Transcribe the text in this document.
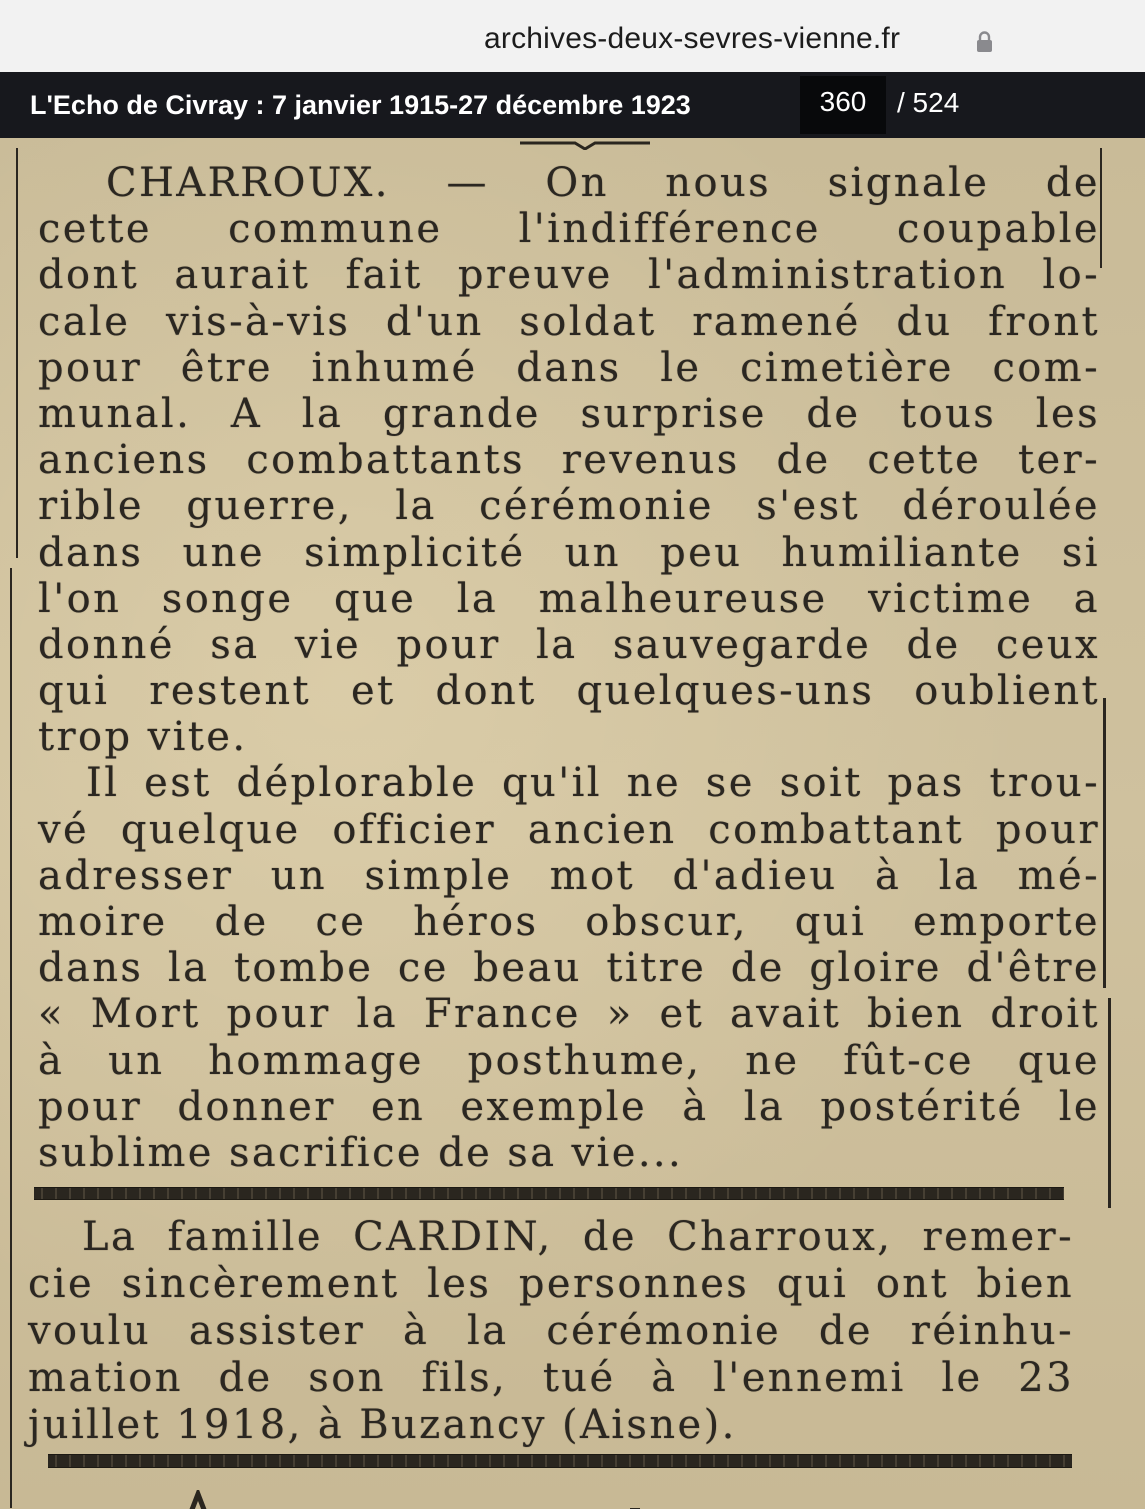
archives-deux-sevres-vienne.fr
L'Echo de Civray : 7 janvier 1915-27 décembre 1923	360	/ 524
CHARROUX. — On nous signale de
cette commune l'indifférence coupable
dont aurait fait preuve l'administration lo-
cale vis-à-vis d'un soldat ramené du front
pour être inhumé dans le cimetière com-
munal. A la grande surprise de tous les
anciens combattants revenus de cette ter-
rible guerre, la cérémonie s'est déroulée
dans une simplicité un peu humiliante si
l'on songe que la malheureuse victime a
donné sa vie pour la sauvegarde de ceux
qui restent et dont quelques-uns oublient
trop vite.
Il est déplorable qu'il ne se soit pas trou-
vé quelque officier ancien combattant pour
adresser un simple mot d'adieu à la mé-
moire de ce héros obscur, qui emporte
dans la tombe ce beau titre de gloire d'être
« Mort pour la France » et avait bien droit
à un hommage posthume, ne fût-ce que
pour donner en exemple à la postérité le
sublime sacrifice de sa vie...
La famille CARDIN, de Charroux, remer-
cie sincèrement les personnes qui ont bien
voulu assister à la cérémonie de réinhu-
mation de son fils, tué à l'ennemi le 23
juillet 1918, à Buzancy (Aisne).
